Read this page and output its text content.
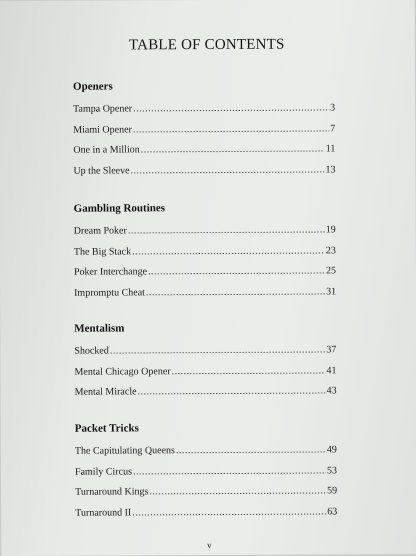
TABLE OF CONTENTS
Openers
Tampa Opener .....	3
Miami Opener .....	7
One in a Million .....	11
Up the Sleeve .....	13
Gambling Routines
Dream Poker .....	19
The Big Stack .....	23
Poker Interchange .....	25
Impromptu Cheat .....	31
Mentalism
Shocked .....	37
Mental Chicago Opener .....	41
Mental Miracle .....	43
Packet Tricks
The Capitulating Queens .....	49
Family Circus .....	53
Turnaround Kings .....	59
Turnaround II .....	63
v
